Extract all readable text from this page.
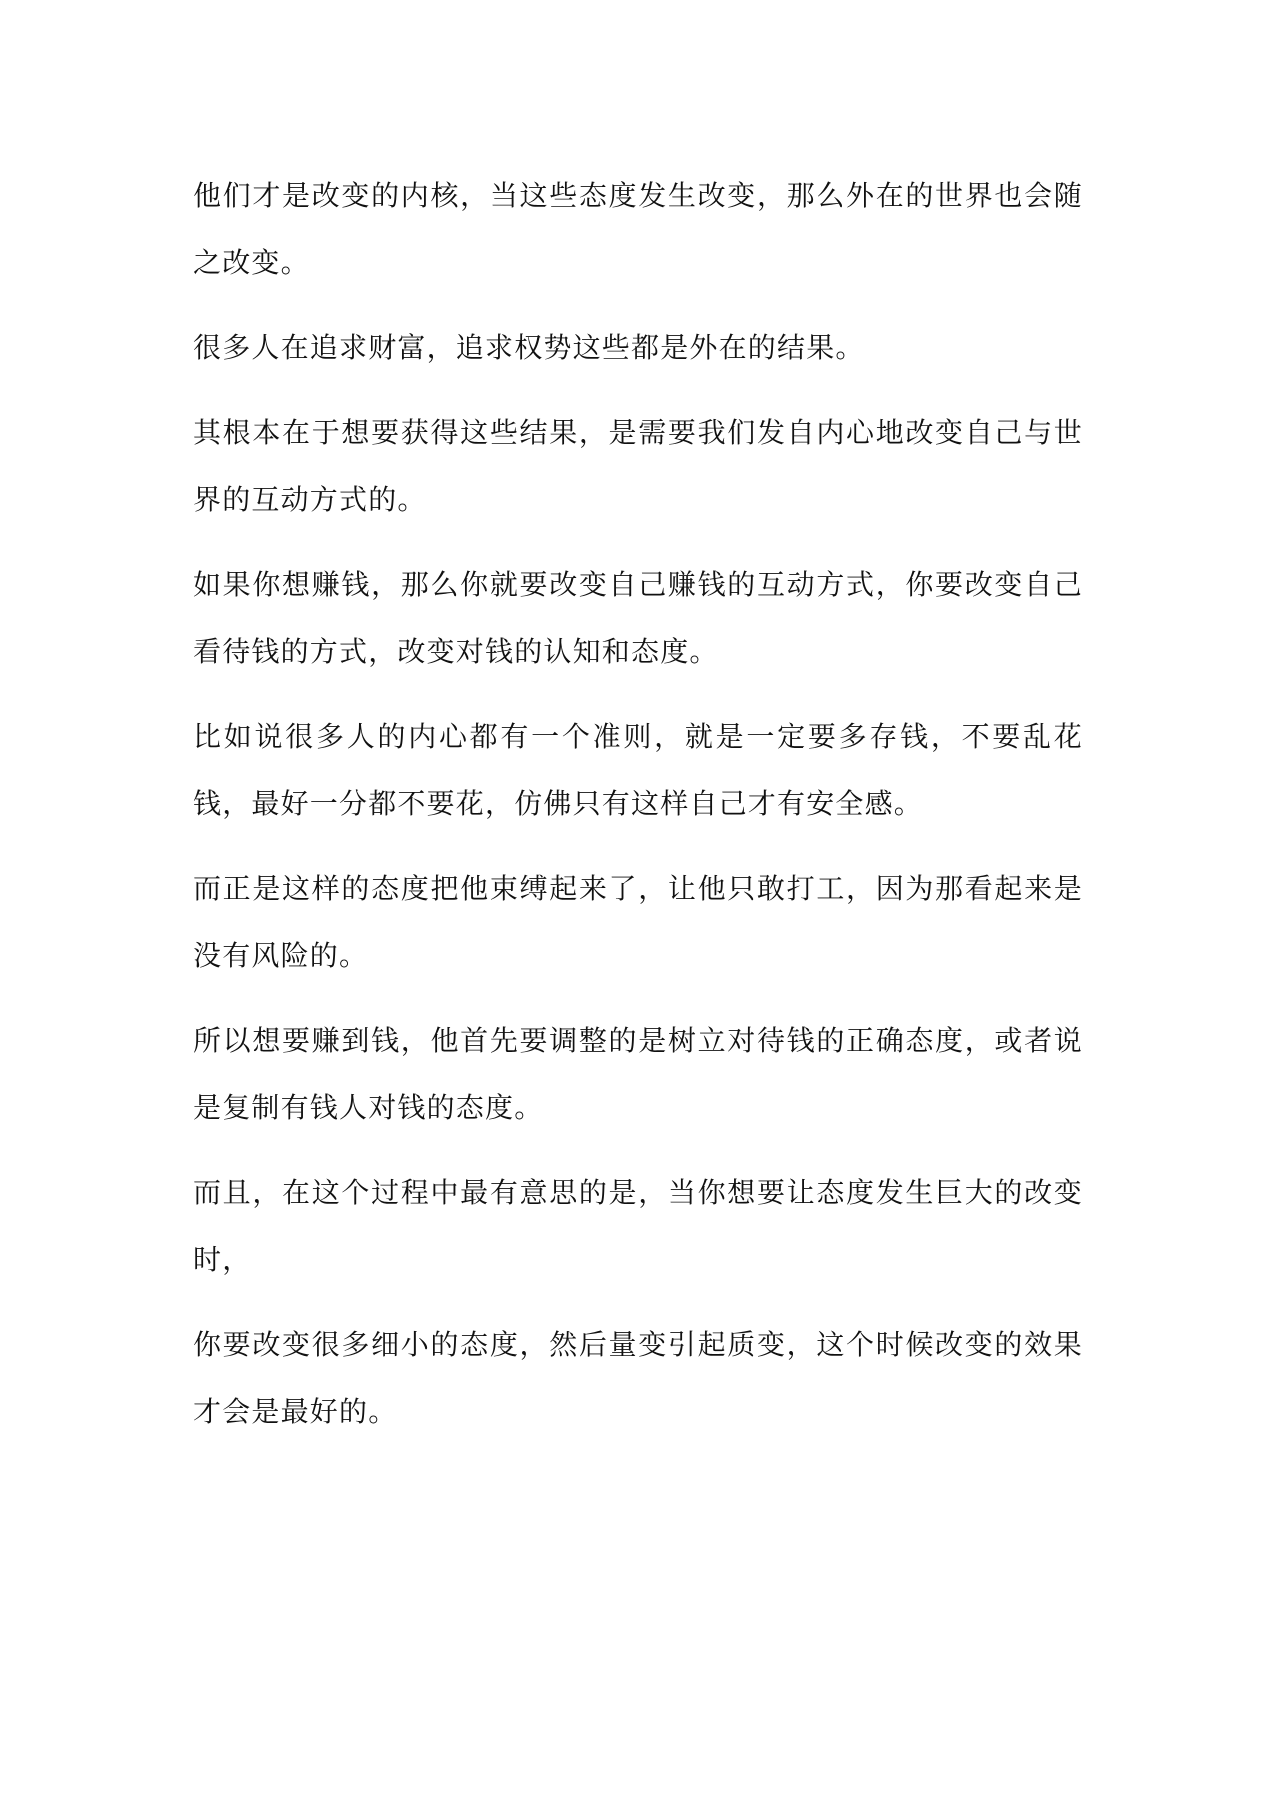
他们才是改变的内核，当这些态度发生改变，那么外在的世界也会随之改变。

很多人在追求财富，追求权势这些都是外在的结果。

其根本在于想要获得这些结果，是需要我们发自内心地改变自己与世界的互动方式的。

如果你想赚钱，那么你就要改变自己赚钱的互动方式，你要改变自己看待钱的方式，改变对钱的认知和态度。

比如说很多人的内心都有一个准则，就是一定要多存钱，不要乱花钱，最好一分都不要花，仿佛只有这样自己才有安全感。

而正是这样的态度把他束缚起来了，让他只敢打工，因为那看起来是没有风险的。

所以想要赚到钱，他首先要调整的是树立对待钱的正确态度，或者说是复制有钱人对钱的态度。

而且，在这个过程中最有意思的是，当你想要让态度发生巨大的改变时，

你要改变很多细小的态度，然后量变引起质变，这个时候改变的效果才会是最好的。
